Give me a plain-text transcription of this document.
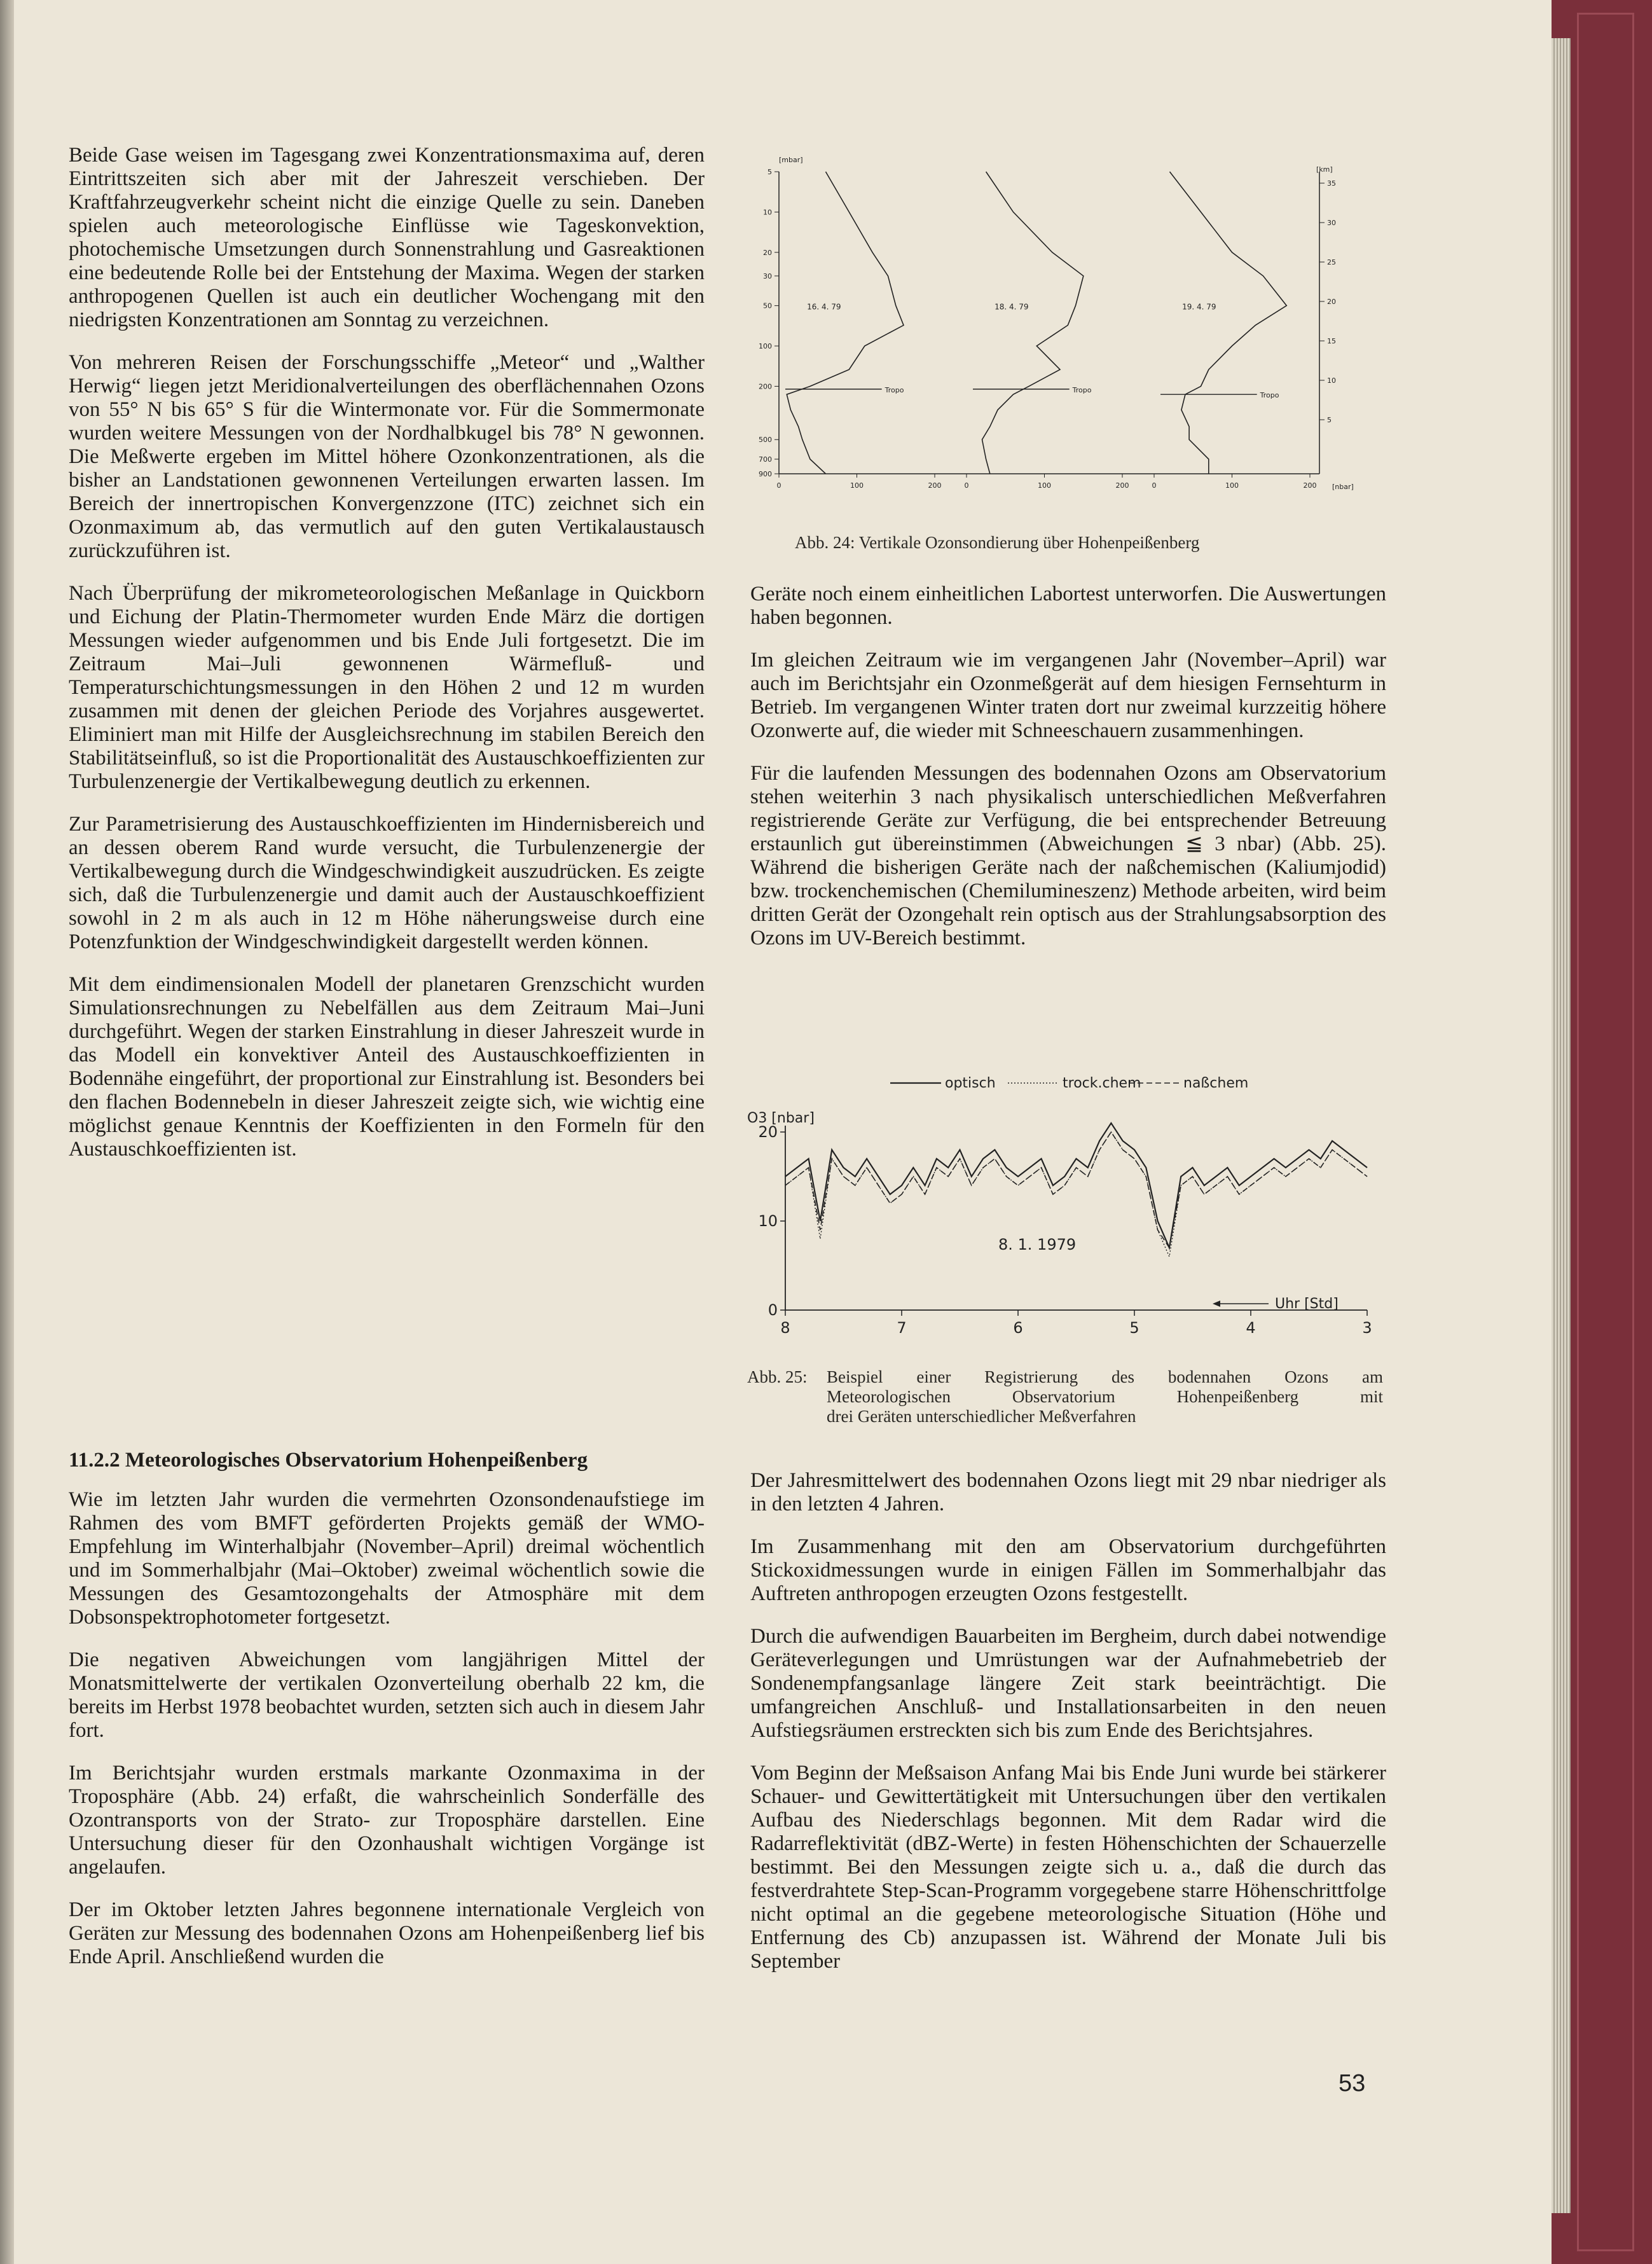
Beide Gase weisen im Tagesgang zwei Konzentrationsmaxima auf, deren Eintrittszeiten sich aber mit der Jahreszeit verschieben. Der Kraftfahrzeugverkehr scheint nicht die einzige Quelle zu sein. Daneben spielen auch meteorologische Einflüsse wie Tageskonvektion, photochemische Umsetzungen durch Sonnenstrahlung und Gasreaktionen eine bedeutende Rolle bei der Entstehung der Maxima. Wegen der starken anthropogenen Quellen ist auch ein deutlicher Wochengang mit den niedrigsten Konzentrationen am Sonntag zu verzeichnen.

Von mehreren Reisen der Forschungsschiffe „Meteor“ und „Walther Herwig“ liegen jetzt Meridionalverteilungen des oberflächennahen Ozons von 55° N bis 65° S für die Wintermonate vor. Für die Sommermonate wurden weitere Messungen von der Nordhalbkugel bis 78° N gewonnen. Die Meßwerte ergeben im Mittel höhere Ozonkonzentrationen, als die bisher an Landstationen gewonnenen Verteilungen erwarten lassen. Im Bereich der innertropischen Konvergenzzone (ITC) zeichnet sich ein Ozonmaximum ab, das vermutlich auf den guten Vertikalaustausch zurückzuführen ist.

Nach Überprüfung der mikrometeorologischen Meßanlage in Quickborn und Eichung der Platin-Thermometer wurden Ende März die dortigen Messungen wieder aufgenommen und bis Ende Juli fortgesetzt. Die im Zeitraum Mai–Juli gewonnenen Wärmefluß- und Temperaturschichtungsmessungen in den Höhen 2 und 12 m wurden zusammen mit denen der gleichen Periode des Vorjahres ausgewertet. Eliminiert man mit Hilfe der Ausgleichsrechnung im stabilen Bereich den Stabilitätseinfluß, so ist die Proportionalität des Austauschkoeffizienten zur Turbulenzenergie der Vertikalbewegung deutlich zu erkennen.

Zur Parametrisierung des Austauschkoeffizienten im Hindernisbereich und an dessen oberem Rand wurde versucht, die Turbulenzenergie der Vertikalbewegung durch die Windgeschwindigkeit auszudrücken. Es zeigte sich, daß die Turbulenzenergie und damit auch der Austauschkoeffizient sowohl in 2 m als auch in 12 m Höhe näherungsweise durch eine Potenzfunktion der Windgeschwindigkeit dargestellt werden können.

Mit dem eindimensionalen Modell der planetaren Grenzschicht wurden Simulationsrechnungen zu Nebelfällen aus dem Zeitraum Mai–Juni durchgeführt. Wegen der starken Einstrahlung in dieser Jahreszeit wurde in das Modell ein konvektiver Anteil des Austauschkoeffizienten in Bodennähe eingeführt, der proportional zur Einstrahlung ist. Besonders bei den flachen Bodennebeln in dieser Jahreszeit zeigte sich, wie wichtig eine möglichst genaue Kenntnis der Koeffizienten in den Formeln für den Austauschkoeffizienten ist.

11.2.2 Meteorologisches Observatorium Hohenpeißenberg

Wie im letzten Jahr wurden die vermehrten Ozonsondenaufstiege im Rahmen des vom BMFT geförderten Projekts gemäß der WMO-Empfehlung im Winterhalbjahr (November–April) dreimal wöchentlich und im Sommerhalbjahr (Mai–Oktober) zweimal wöchentlich sowie die Messungen des Gesamtozongehalts der Atmosphäre mit dem Dobsonspektrophotometer fortgesetzt.

Die negativen Abweichungen vom langjährigen Mittel der Monatsmittelwerte der vertikalen Ozonverteilung oberhalb 22 km, die bereits im Herbst 1978 beobachtet wurden, setzten sich auch in diesem Jahr fort.

Im Berichtsjahr wurden erstmals markante Ozonmaxima in der Troposphäre (Abb. 24) erfaßt, die wahrscheinlich Sonderfälle des Ozontransports von der Strato- zur Troposphäre darstellen. Eine Untersuchung dieser für den Ozonhaushalt wichtigen Vorgänge ist angelaufen.

Der im Oktober letzten Jahres begonnene internationale Vergleich von Geräten zur Messung des bodennahen Ozons am Hohenpeißenberg lief bis Ende April. Anschließend wurden die

[mbar]
[km]
5
10
20
30
50
100
200
500
700
900
35
30
25
20
15
10
5
0	100	200	0	100	200	0	100	200 [nbar]
16. 4. 79
Tropo
18. 4. 79
Tropo
19. 4. 79
Tropo
Abb. 24: Vertikale Ozonsondierung über Hohenpeißenberg

Geräte noch einem einheitlichen Labortest unterworfen. Die Auswertungen haben begonnen.

Im gleichen Zeitraum wie im vergangenen Jahr (November–April) war auch im Berichtsjahr ein Ozonmeßgerät auf dem hiesigen Fernsehturm in Betrieb. Im vergangenen Winter traten dort nur zweimal kurzzeitig höhere Ozonwerte auf, die wieder mit Schneeschauern zusammenhingen.

Für die laufenden Messungen des bodennahen Ozons am Observatorium stehen weiterhin 3 nach physikalisch unterschiedlichen Meßverfahren registrierende Geräte zur Verfügung, die bei entsprechender Betreuung erstaunlich gut übereinstimmen (Abweichungen ≦ 3 nbar) (Abb. 25). Während die bisherigen Geräte nach der naßchemischen (Kaliumjodid) bzw. trockenchemischen (Chemilumineszenz) Methode arbeiten, wird beim dritten Gerät der Ozongehalt rein optisch aus der Strahlungsabsorption des Ozons im UV-Bereich bestimmt.

optisch	trock.chem	naßchem
O3 [nbar]
0
10
20
8	7	6	5	4	3
Uhr [Std]
8. 1. 1979
Abb. 25:	Beispiel einer Registrierung des bodennahen Ozons am
Meteorologischen Observatorium Hohenpeißenberg mit
drei Geräten unterschiedlicher Meßverfahren

Der Jahresmittelwert des bodennahen Ozons liegt mit 29 nbar niedriger als in den letzten 4 Jahren.

Im Zusammenhang mit den am Observatorium durchgeführten Stickoxidmessungen wurde in einigen Fällen im Sommerhalbjahr das Auftreten anthropogen erzeugten Ozons festgestellt.

Durch die aufwendigen Bauarbeiten im Bergheim, durch dabei notwendige Geräteverlegungen und Umrüstungen war der Aufnahmebetrieb der Sondenempfangsanlage längere Zeit stark beeinträchtigt. Die umfangreichen Anschluß- und Installationsarbeiten in den neuen Aufstiegsräumen erstreckten sich bis zum Ende des Berichtsjahres.

Vom Beginn der Meßsaison Anfang Mai bis Ende Juni wurde bei stärkerer Schauer- und Gewittertätigkeit mit Untersuchungen über den vertikalen Aufbau des Niederschlags begonnen. Mit dem Radar wird die Radarreflektivität (dBZ-Werte) in festen Höhenschichten der Schauerzelle bestimmt. Bei den Messungen zeigte sich u. a., daß die durch das festverdrahtete Step-Scan-Programm vorgegebene starre Höhenschrittfolge nicht optimal an die gegebene meteorologische Situation (Höhe und Entfernung des Cb) anzupassen ist. Während der Monate Juli bis September

53
